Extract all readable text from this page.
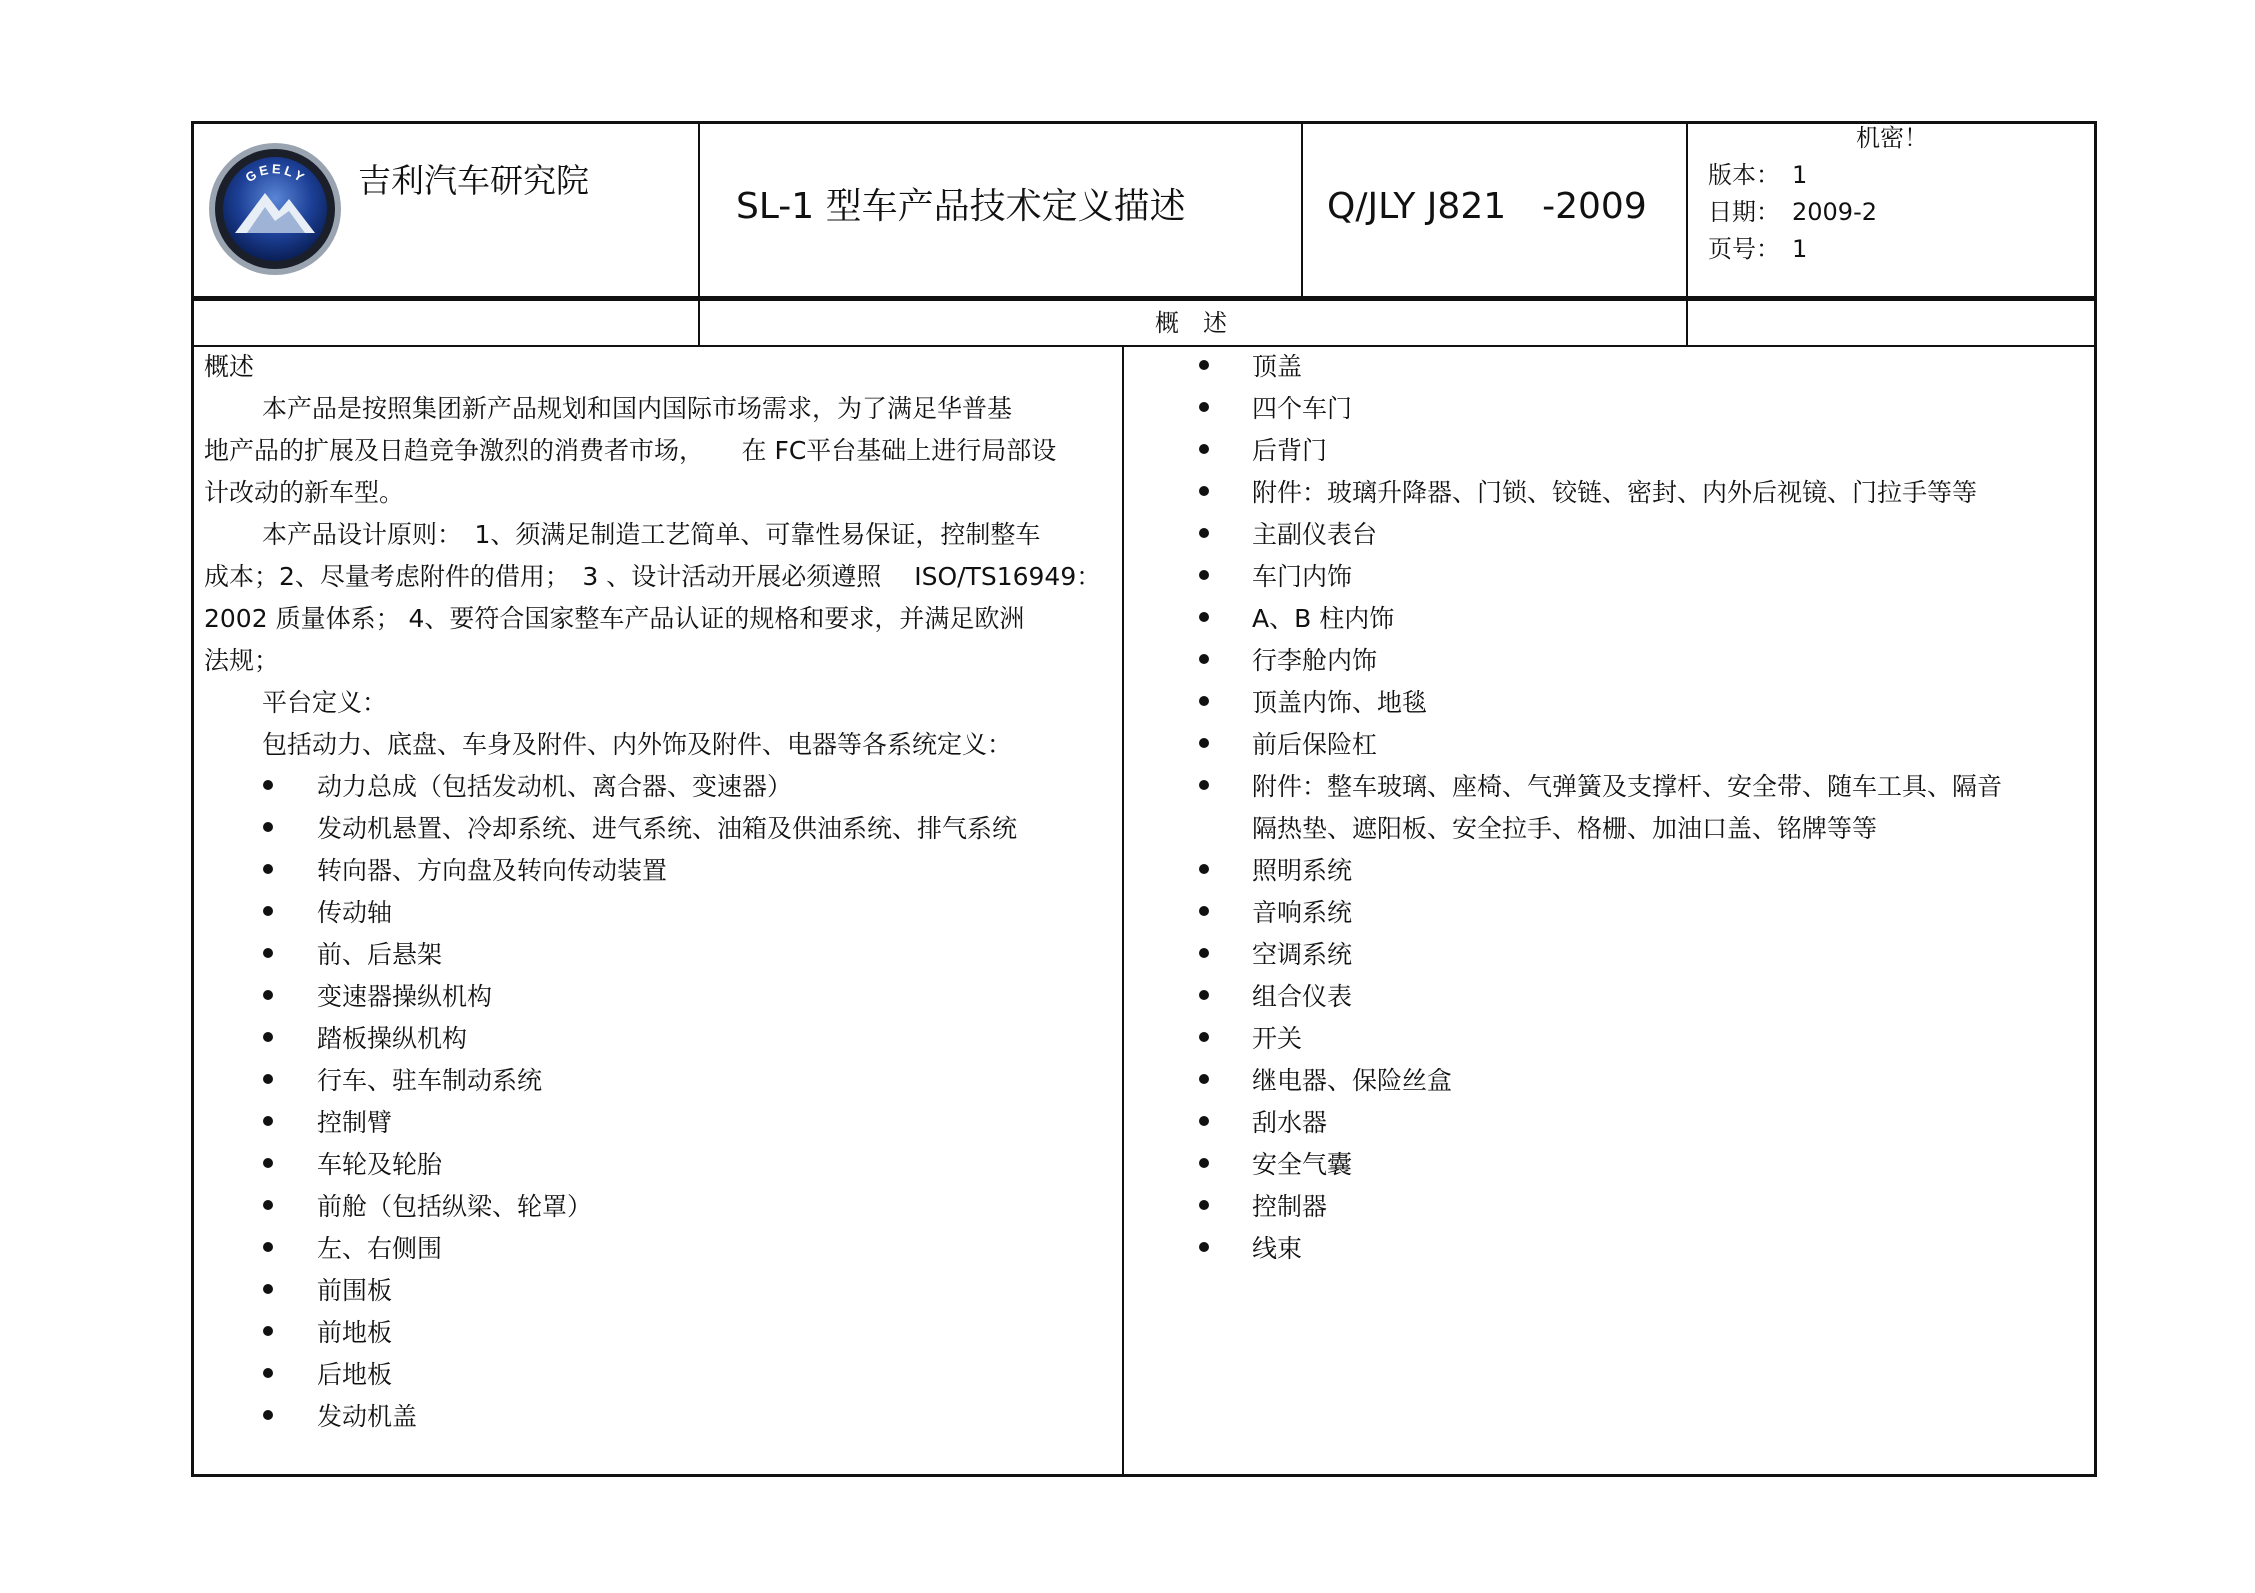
GEELY 吉利汽车研究院
SL-1 型车产品技术定义描述	Q/JLY J821　-2009
机密！
版本： 1
日期： 2009-2
页号： 1
概　述
概述
本产品是按照集团新产品规划和国内国际市场需求，为了满足华普基
地产品的扩展及日趋竞争激烈的消费者市场，　　在 FC平台基础上进行局部设
计改动的新车型。
本产品设计原则：　1、须满足制造工艺简单、可靠性易保证，控制整车
成本；2、尽量考虑附件的借用；　3 、设计活动开展必须遵照　 ISO/TS16949：
2002 质量体系； 4、要符合国家整车产品认证的规格和要求，并满足欧洲
法规；
平台定义：
包括动力、底盘、车身及附件、内外饰及附件、电器等各系统定义：
动力总成（包括发动机、离合器、变速器）
发动机悬置、冷却系统、进气系统、油箱及供油系统、排气系统
转向器、方向盘及转向传动装置
传动轴
前、后悬架
变速器操纵机构
踏板操纵机构
行车、驻车制动系统
控制臂
车轮及轮胎
前舱（包括纵梁、轮罩）
左、右侧围
前围板
前地板
后地板
发动机盖
顶盖
四个车门
后背门
附件：玻璃升降器、门锁、铰链、密封、内外后视镜、门拉手等等
主副仪表台
车门内饰
A、B 柱内饰
行李舱内饰
顶盖内饰、地毯
前后保险杠
附件：整车玻璃、座椅、气弹簧及支撑杆、安全带、随车工具、隔音
照明系统
音响系统
空调系统
组合仪表
开关
继电器、保险丝盒
刮水器
安全气囊
控制器
线束
隔热垫、遮阳板、安全拉手、格栅、加油口盖、铭牌等等
